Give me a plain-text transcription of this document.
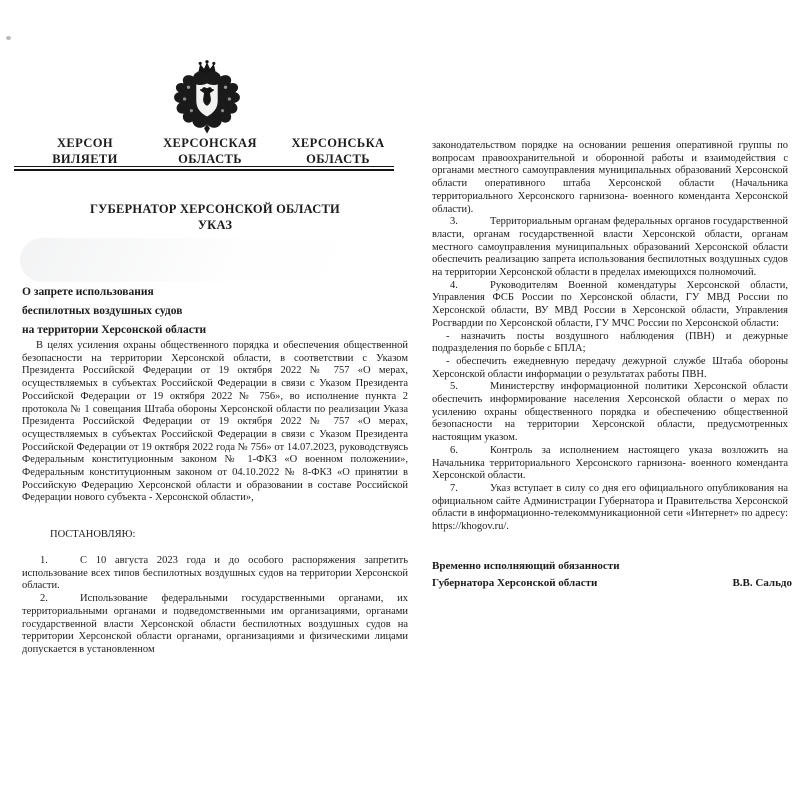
ХЕРСОН
ВИЛЯЕТИ
ХЕРСОНСКАЯ
ОБЛАСТЬ
ХЕРСОНСЬКА
ОБЛАСТЬ
ГУБЕРНАТОР ХЕРСОНСКОЙ ОБЛАСТИ
УКАЗ
О запрете использования
беспилотных воздушных судов
на территории Херсонской области

В целях усиления охраны общественного порядка и обеспечения общественной безопасности на территории Херсонской области, в соответствии с Указом Президента Российской Федерации от 19 октября 2022 № 757 «О мерах, осуществляемых в субъектах Российской Федерации в связи с Указом Президента Российской Федерации от 19 октября 2022 № 756», во исполнение пункта 2 протокола № 1 совещания Штаба обороны Херсонской области по реализации Указа Президента Российской Федерации от 19 октября 2022 № 757 «О мерах, осуществляемых в субъектах Российской Федерации в связи с Указом Президента Российской Федерации от 19 октября 2022 года № 756» от 14.07.2023, руководствуясь Федеральным конституционным законом № 1-ФКЗ «О военном положении», Федеральным конституционным законом от 04.10.2022 № 8-ФКЗ «О принятии в Российскую Федерацию Херсонской области и образовании в составе Российской Федерации нового субъекта - Херсонской области»,

ПОСТАНОВЛЯЮ:

1.	С 10 августа 2023 года и до особого распоряжения запретить использование всех типов беспилотных воздушных судов на территории Херсонской области.

2.	Использование федеральными государственными органами, их территориальными органами и подведомственными им организациями, органами государственной власти Херсонской области беспилотных воздушных судов на территории Херсонской области органами, организациями и физическими лицами допускается в установленном

законодательством порядке на основании решения оперативной группы по вопросам правоохранительной и оборонной работы и взаимодействия с органами местного самоуправления муниципальных образований Херсонской области оперативного штаба Херсонской области (Начальника территориального Херсонского гарнизона- военного коменданта Херсонской области).

3.	Территориальным органам федеральных органов государственной власти, органам государственной власти Херсонской области, органам местного самоуправления муниципальных образований Херсонской области обеспечить реализацию запрета использования беспилотных воздушных судов на территории Херсонской области в пределах имеющихся полномочий.

4.	Руководителям Военной комендатуры Херсонской области, Управления ФСБ России по Херсонской области, ГУ МВД России по Херсонской области, ВУ МВД России в Херсонской области, Управления Росгвардии по Херсонской области, ГУ МЧС России по Херсонской области:

- назначить посты воздушного наблюдения (ПВН) и дежурные подразделения по борьбе с БПЛА;

- обеспечить ежедневную передачу дежурной службе Штаба обороны Херсонской области информации о результатах работы ПВН.

5.	Министерству информационной политики Херсонской области обеспечить информирование населения Херсонской области о мерах по усилению охраны общественного порядка и обеспечению общественной безопасности на территории Херсонской области, предусмотренных настоящим указом.

6.	Контроль за исполнением настоящего указа возложить на Начальника территориального Херсонского гарнизона- военного коменданта Херсонской области.

7.	Указ вступает в силу со дня его официального опубликования на официальном сайте Администрации Губернатора и Правительства Херсонской области в информационно-телекоммуникационной сети «Интернет» по адресу: https://khogov.ru/.

Временно исполняющий обязанности
Губернатора Херсонской области	В.В. Сальдо
